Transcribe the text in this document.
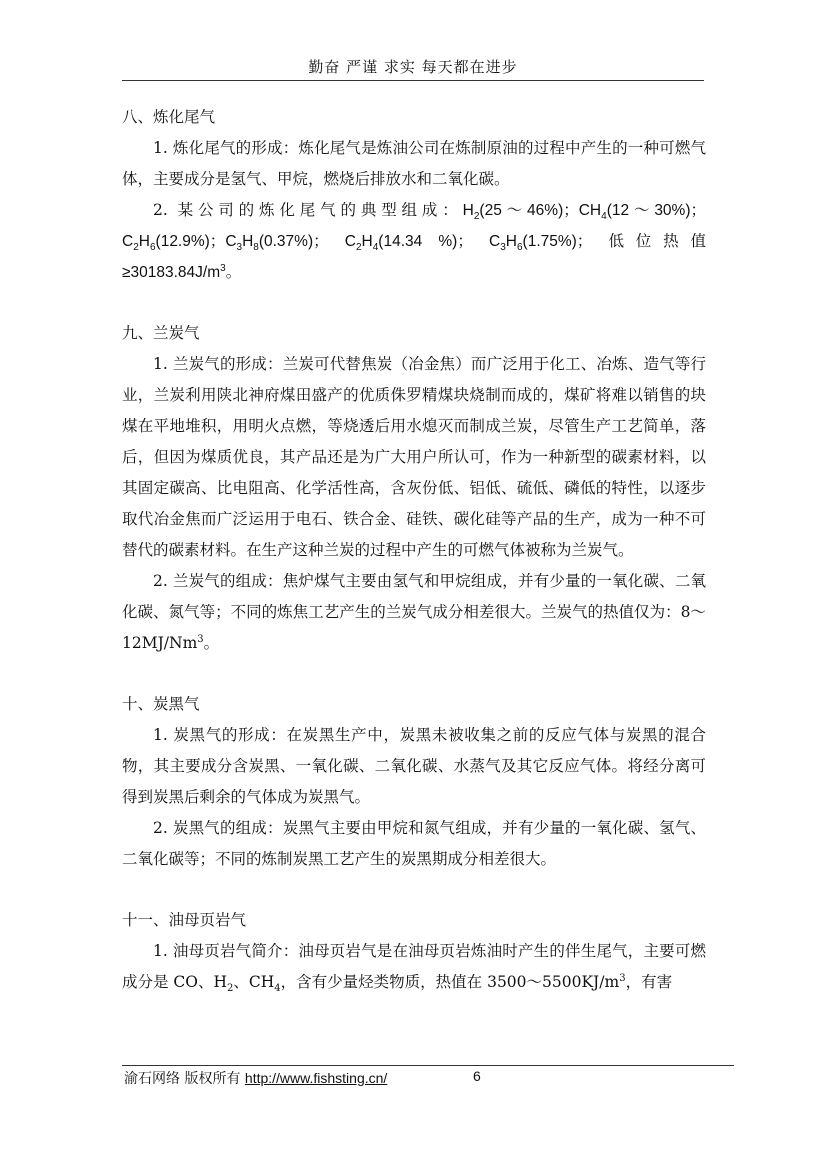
勤奋 严谨 求实 每天都在进步

八、炼化尾气

1. 炼化尾气的形成：炼化尾气是炼油公司在炼制原油的过程中产生的一种可燃气体，主要成分是氢气、甲烷，燃烧后排放水和二氧化碳。

2. 某公司的炼化尾气的典型组成：$H_2(25\sim 46\%)$；$CH_4(12\sim 30\%)$；$C_2H_6(12.9\%)$；$C_3H_8(0.37\%)$； $C_2H_4(14.34$ %)； $C_3H_6(1.75\%)$； 低位热值$\ge 30183.84J/m^3$。

九、兰炭气

1. 兰炭气的形成：兰炭可代替焦炭（冶金焦）而广泛用于化工、冶炼、造气等行业，兰炭利用陕北神府煤田盛产的优质侏罗精煤块烧制而成的，煤矿将难以销售的块煤在平地堆积，用明火点燃，等烧透后用水熄灭而制成兰炭，尽管生产工艺简单，落后，但因为煤质优良，其产品还是为广大用户所认可，作为一种新型的碳素材料，以其固定碳高、比电阻高、化学活性高，含灰份低、铝低、硫低、磷低的特性，以逐步取代冶金焦而广泛运用于电石、铁合金、硅铁、碳化硅等产品的生产，成为一种不可替代的碳素材料。在生产这种兰炭的过程中产生的可燃气体被称为兰炭气。

2. 兰炭气的组成：焦炉煤气主要由氢气和甲烷组成，并有少量的一氧化碳、二氧化碳、氮气等；不同的炼焦工艺产生的兰炭气成分相差很大。兰炭气的热值仅为：8～12MJ/Nm$^3$。

十、炭黑气

1. 炭黑气的形成：在炭黑生产中，炭黑未被收集之前的反应气体与炭黑的混合物，其主要成分含炭黑、一氧化碳、二氧化碳、水蒸气及其它反应气体。将经分离可得到炭黑后剩余的气体成为炭黑气。

2. 炭黑气的组成：炭黑气主要由甲烷和氮气组成，并有少量的一氧化碳、氢气、二氧化碳等；不同的炼制炭黑工艺产生的炭黑期成分相差很大。

十一、油母页岩气

1. 油母页岩气简介：油母页岩气是在油母页岩炼油时产生的伴生尾气，主要可燃成分是 CO、$H_2$、$CH_4$，含有少量烃类物质，热值在 $3500\sim 5500KJ/m^3$，有害

渝石网络 版权所有 http://www.fishsting.cn/	6
